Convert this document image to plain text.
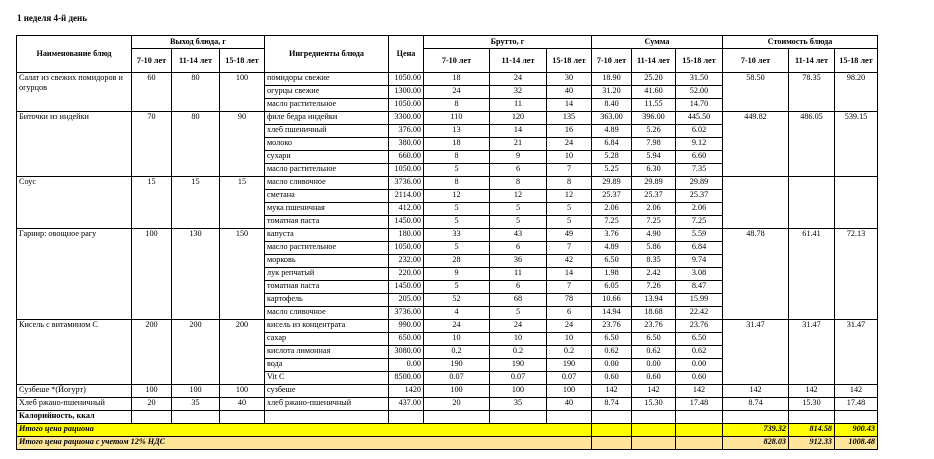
1 неделя 4-й день
Наименование блюд	Выход блюда, г			Ингредиенты блюда	Цена	Брутто, г			Сумма			Стоимость блюда		
	7-10 лет	11-14 лет	15-18 лет			7-10 лет	11-14 лет	15-18 лет	7-10 лет	11-14 лет	15-18 лет	7-10 лет	11-14 лет	15-18 лет
Салат из свежих помидоров и огурцов	60	80	100	помидоры свежие	1050.00	18	24	30	18.90	25.20	31.50	58.50	78.35	98.20
				огурцы свежие	1300.00	24	32	40	31.20	41.60	52.00			
				масло растительное	1050.00	8	11	14	8.40	11.55	14.70			
Биточки из индейки	70	80	90	филе бедра индейки	3300.00	110	120	135	363.00	396.00	445.50	449.82	486.05	539.15
				хлеб пшеничный	376.00	13	14	16	4.89	5.26	6.02			
				молоко	380.00	18	21	24	6.84	7.98	9.12			
				сухари	660.00	8	9	10	5.28	5.94	6.60			
				масло растительное	1050.00	5	6	7	5.25	6.30	7.35			
Соус	15	15	15	масло сливочное	3736.00	8	8	8	29.89	29.89	29.89			
				сметана	2114.00	12	12	12	25.37	25.37	25.37			
				мука пшеничная	412.00	5	5	5	2.06	2.06	2.06			
				томатная паста	1450.00	5	5	5	7.25	7.25	7.25			
Гарнир: овощное рагу	100	130	150	капуста	180.00	33	43	49	3.76	4.90	5.59	48.78	61.41	72.13
				масло растительное	1050.00	5	6	7	4.89	5.86	6.84			
				морковь	232.00	28	36	42	6.50	8.35	9.74			
				лук репчатый	220.00	9	11	14	1.98	2.42	3.08			
				томатная паста	1450.00	5	6	7	6.05	7.26	8.47			
				картофель	205.00	52	68	78	10.66	13.94	15.99			
				масло сливочное	3736.00	4	5	6	14.94	18.68	22.42			
Кисель с витамином С	200	200	200	кисель из концентрата	990.00	24	24	24	23.76	23.76	23.76	31.47	31.47	31.47
				сахар	650.00	10	10	10	6.50	6.50	6.50			
				кислота лимонная	3080.00	0.2	0.2	0.2	0.62	0.62	0.62			
				вода	0.00	190	190	190	0.00	0.00	0.00			
				Vit C	8500.00	0.07	0.07	0.07	0.60	0.60	0.60			
Сузбеше *(Йогурт)	100	100	100	сузбеше	1420	100	100	100	142	142	142	142	142	142
Хлеб ржано-пшеничный	20	35	40	хлеб ржано-пшеничный	437.00	20	35	40	8.74	15.30	17.48	8.74	15.30	17.48
Калорийность, ккал														
Итого цена рациона												739.32	814.58	900.43
Итого цена рациона с учетом 12% НДС												828.03	912.33	1008.48
